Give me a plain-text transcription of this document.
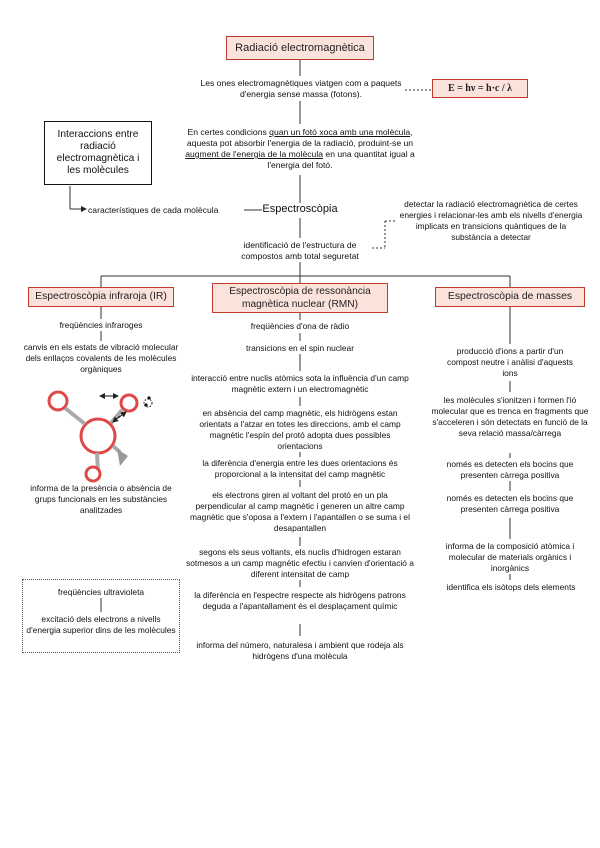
Radiació electromagnètica
Les ones electromagnètiques viatgen com a paquets d'energia sense massa (fotons).	E = hν = h·c / λ
Interaccions entre radiació electromagnètica i les molècules
En certes condicions quan un fotó xoca amb una molècula, aquesta pot absorbir l'energia de la radiació, produint-se un augment de l'energia de la molècula en una quantitat igual a l'energia del fotó.
característiques de cada molècula	Espectroscòpia	detectar la radiació electromagnètica de certes energies i relacionar-les amb els nivells d'energia implicats en transicions quàntiques de la substància a detectar
identificació de l'estructura de compostos amb total seguretat
Espectroscòpia infraroja (IR)
freqüències infraroges
canvis en els estats de vibració molecular dels enllaços covalents de les molècules orgàniques
informa de la presència o absència de grups funcionals en les substàncies analitzades
freqüències ultravioleta
excitació dels electrons a nivells d'energia superior dins de les molècules
Espectroscòpia de ressonància magnètica nuclear (RMN)
freqüències d'ona de ràdio
transicions en el spin nuclear
interacció entre nuclis atòmics sota la influència d'un camp magnètic extern i un electromagnètic
en absència del camp magnètic, els hidrògens estan orientats a l'atzar en totes les direccions, amb el camp magnètic l'espín del protó adopta dues possibles orientacions
la diferència d'energia entre les dues orientacions és proporcional a la intensitat del camp magnètic
els electrons giren al voltant del protó en un pla perpendicular al camp magnètic i generen un altre camp magnètic que s'oposa a l'extern i l'apantallen o se suma i el desapantallen
segons els seus voltants, els nuclis d'hidrogen estaran sotmesos a un camp magnètic efectiu i canvien d'orientació a diferent intensitat de camp
la diferència en l'espectre respecte als hidrògens patrons deguda a l'apantallament és el desplaçament químic
informa del número, naturalesa i ambient que rodeja als hidrògens d'una molècula
Espectroscòpia de masses
producció d'ions a partir d'un compost neutre i anàlisi d'aquests ions
les molècules s'ionitzen i formen l'ió molecular que es trenca en fragments que s'acceleren i són detectats en funció de la seva relació massa/càrrega
només es detecten els bocins que presenten càrrega positiva
només es detecten els bocins que presenten càrrega positiva
informa de la composició atòmica i molecular de materials orgànics i inorgànics
identifica els isòtops dels elements
